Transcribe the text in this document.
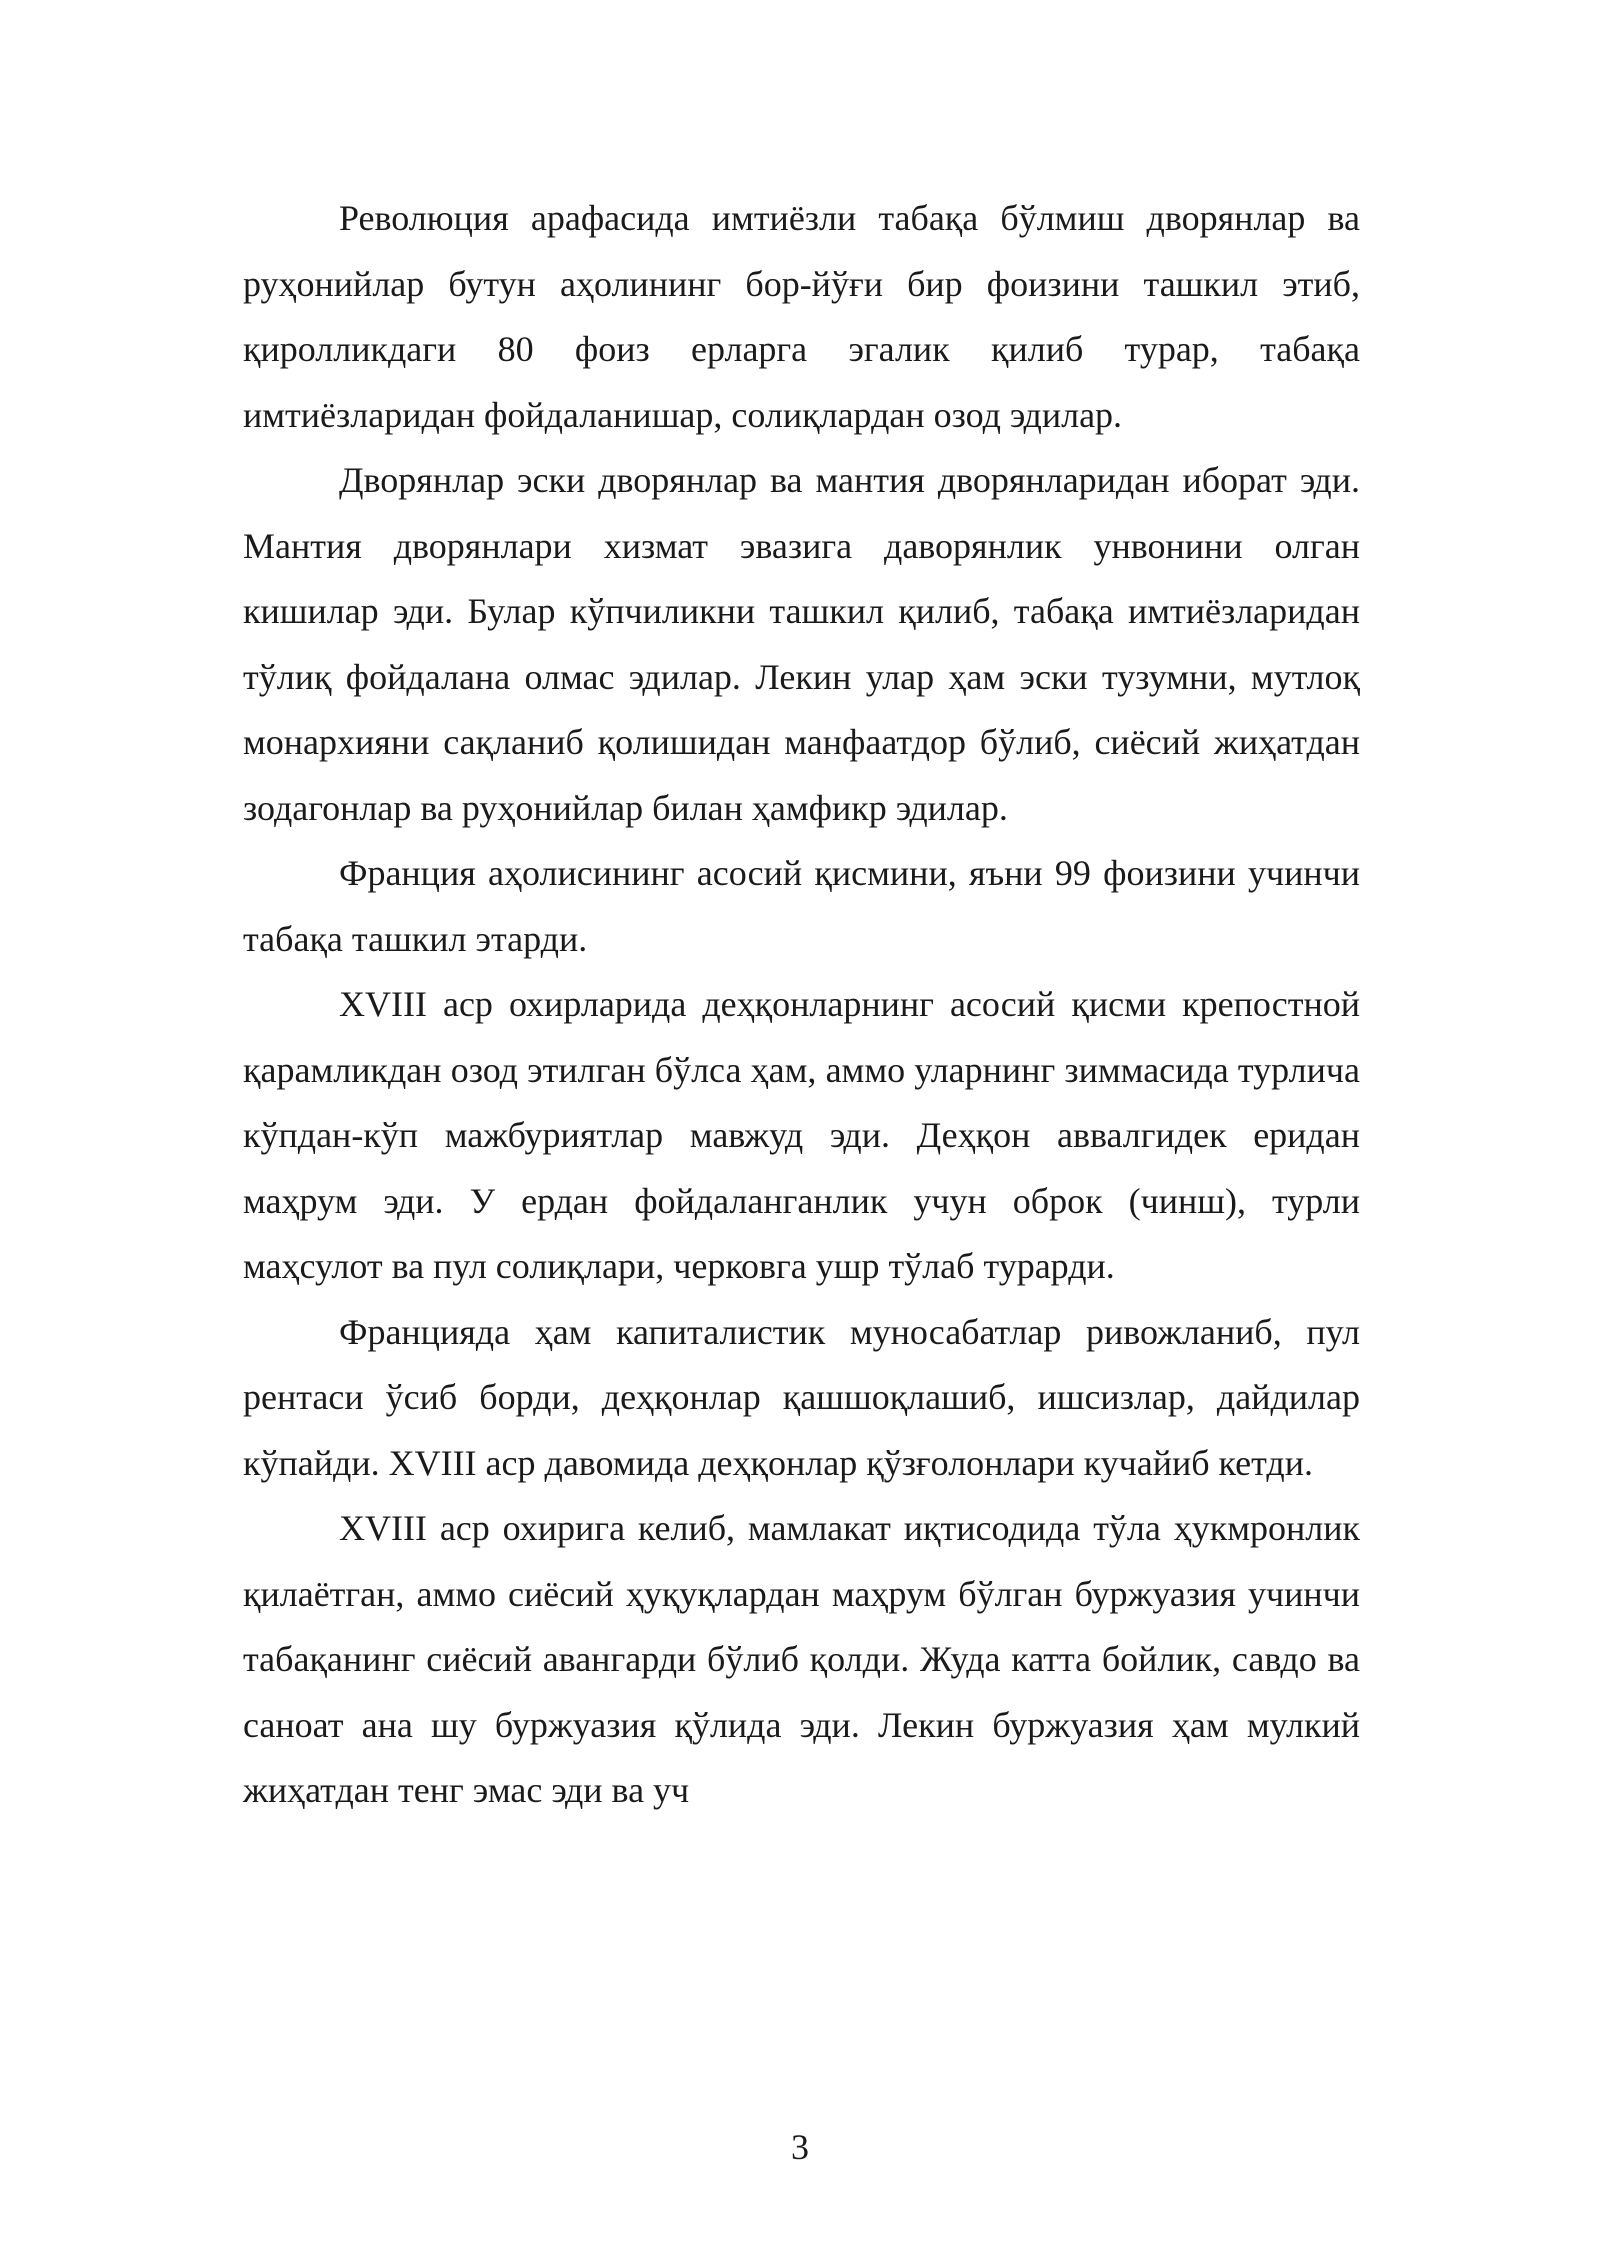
Революция арафасида имтиёзли табақа бўлмиш дворянлар ва руҳонийлар бутун аҳолининг бор-йўғи бир фоизини ташкил этиб, қиролликдаги 80 фоиз ерларга эгалик қилиб турар, табақа имтиёзларидан фойдаланишар, солиқлардан озод эдилар.

Дворянлар эски дворянлар ва мантия дворянларидан иборат эди. Мантия дворянлари хизмат эвазига даворянлик унвонини олган кишилар эди. Булар кўпчиликни ташкил қилиб, табақа имтиёзларидан тўлиқ фойдалана олмас эдилар. Лекин улар ҳам эски тузумни, мутлоқ монархияни сақланиб қолишидан манфаатдор бўлиб, сиёсий жиҳатдан зодагонлар ва руҳонийлар билан ҳамфикр эдилар.

Франция аҳолисининг асосий қисмини, яъни 99 фоизини учинчи табақа ташкил этарди.

XVIII аср охирларида деҳқонларнинг асосий қисми крепостной қарамликдан озод этилган бўлса ҳам, аммо уларнинг зиммасида турлича кўпдан-кўп мажбуриятлар мавжуд эди. Деҳқон аввалгидек еридан маҳрум эди. У ердан фойдаланганлик учун оброк (чинш), турли маҳсулот ва пул солиқлари, черковга ушр тўлаб турарди.

Францияда ҳам капиталистик муносабатлар ривожланиб, пул рентаси ўсиб борди, деҳқонлар қашшоқлашиб, ишсизлар, дайдилар кўпайди. XVIII аср давомида деҳқонлар қўзғолонлари кучайиб кетди.

XVIII аср охирига келиб, мамлакат иқтисодида тўла ҳукмронлик қилаётган, аммо сиёсий ҳуқуқлардан маҳрум бўлган буржуазия учинчи табақанинг сиёсий авангарди бўлиб қолди. Жуда катта бойлик, савдо ва саноат ана шу буржуазия қўлида эди. Лекин буржуазия ҳам мулкий жиҳатдан тенг эмас эди ва уч

3
